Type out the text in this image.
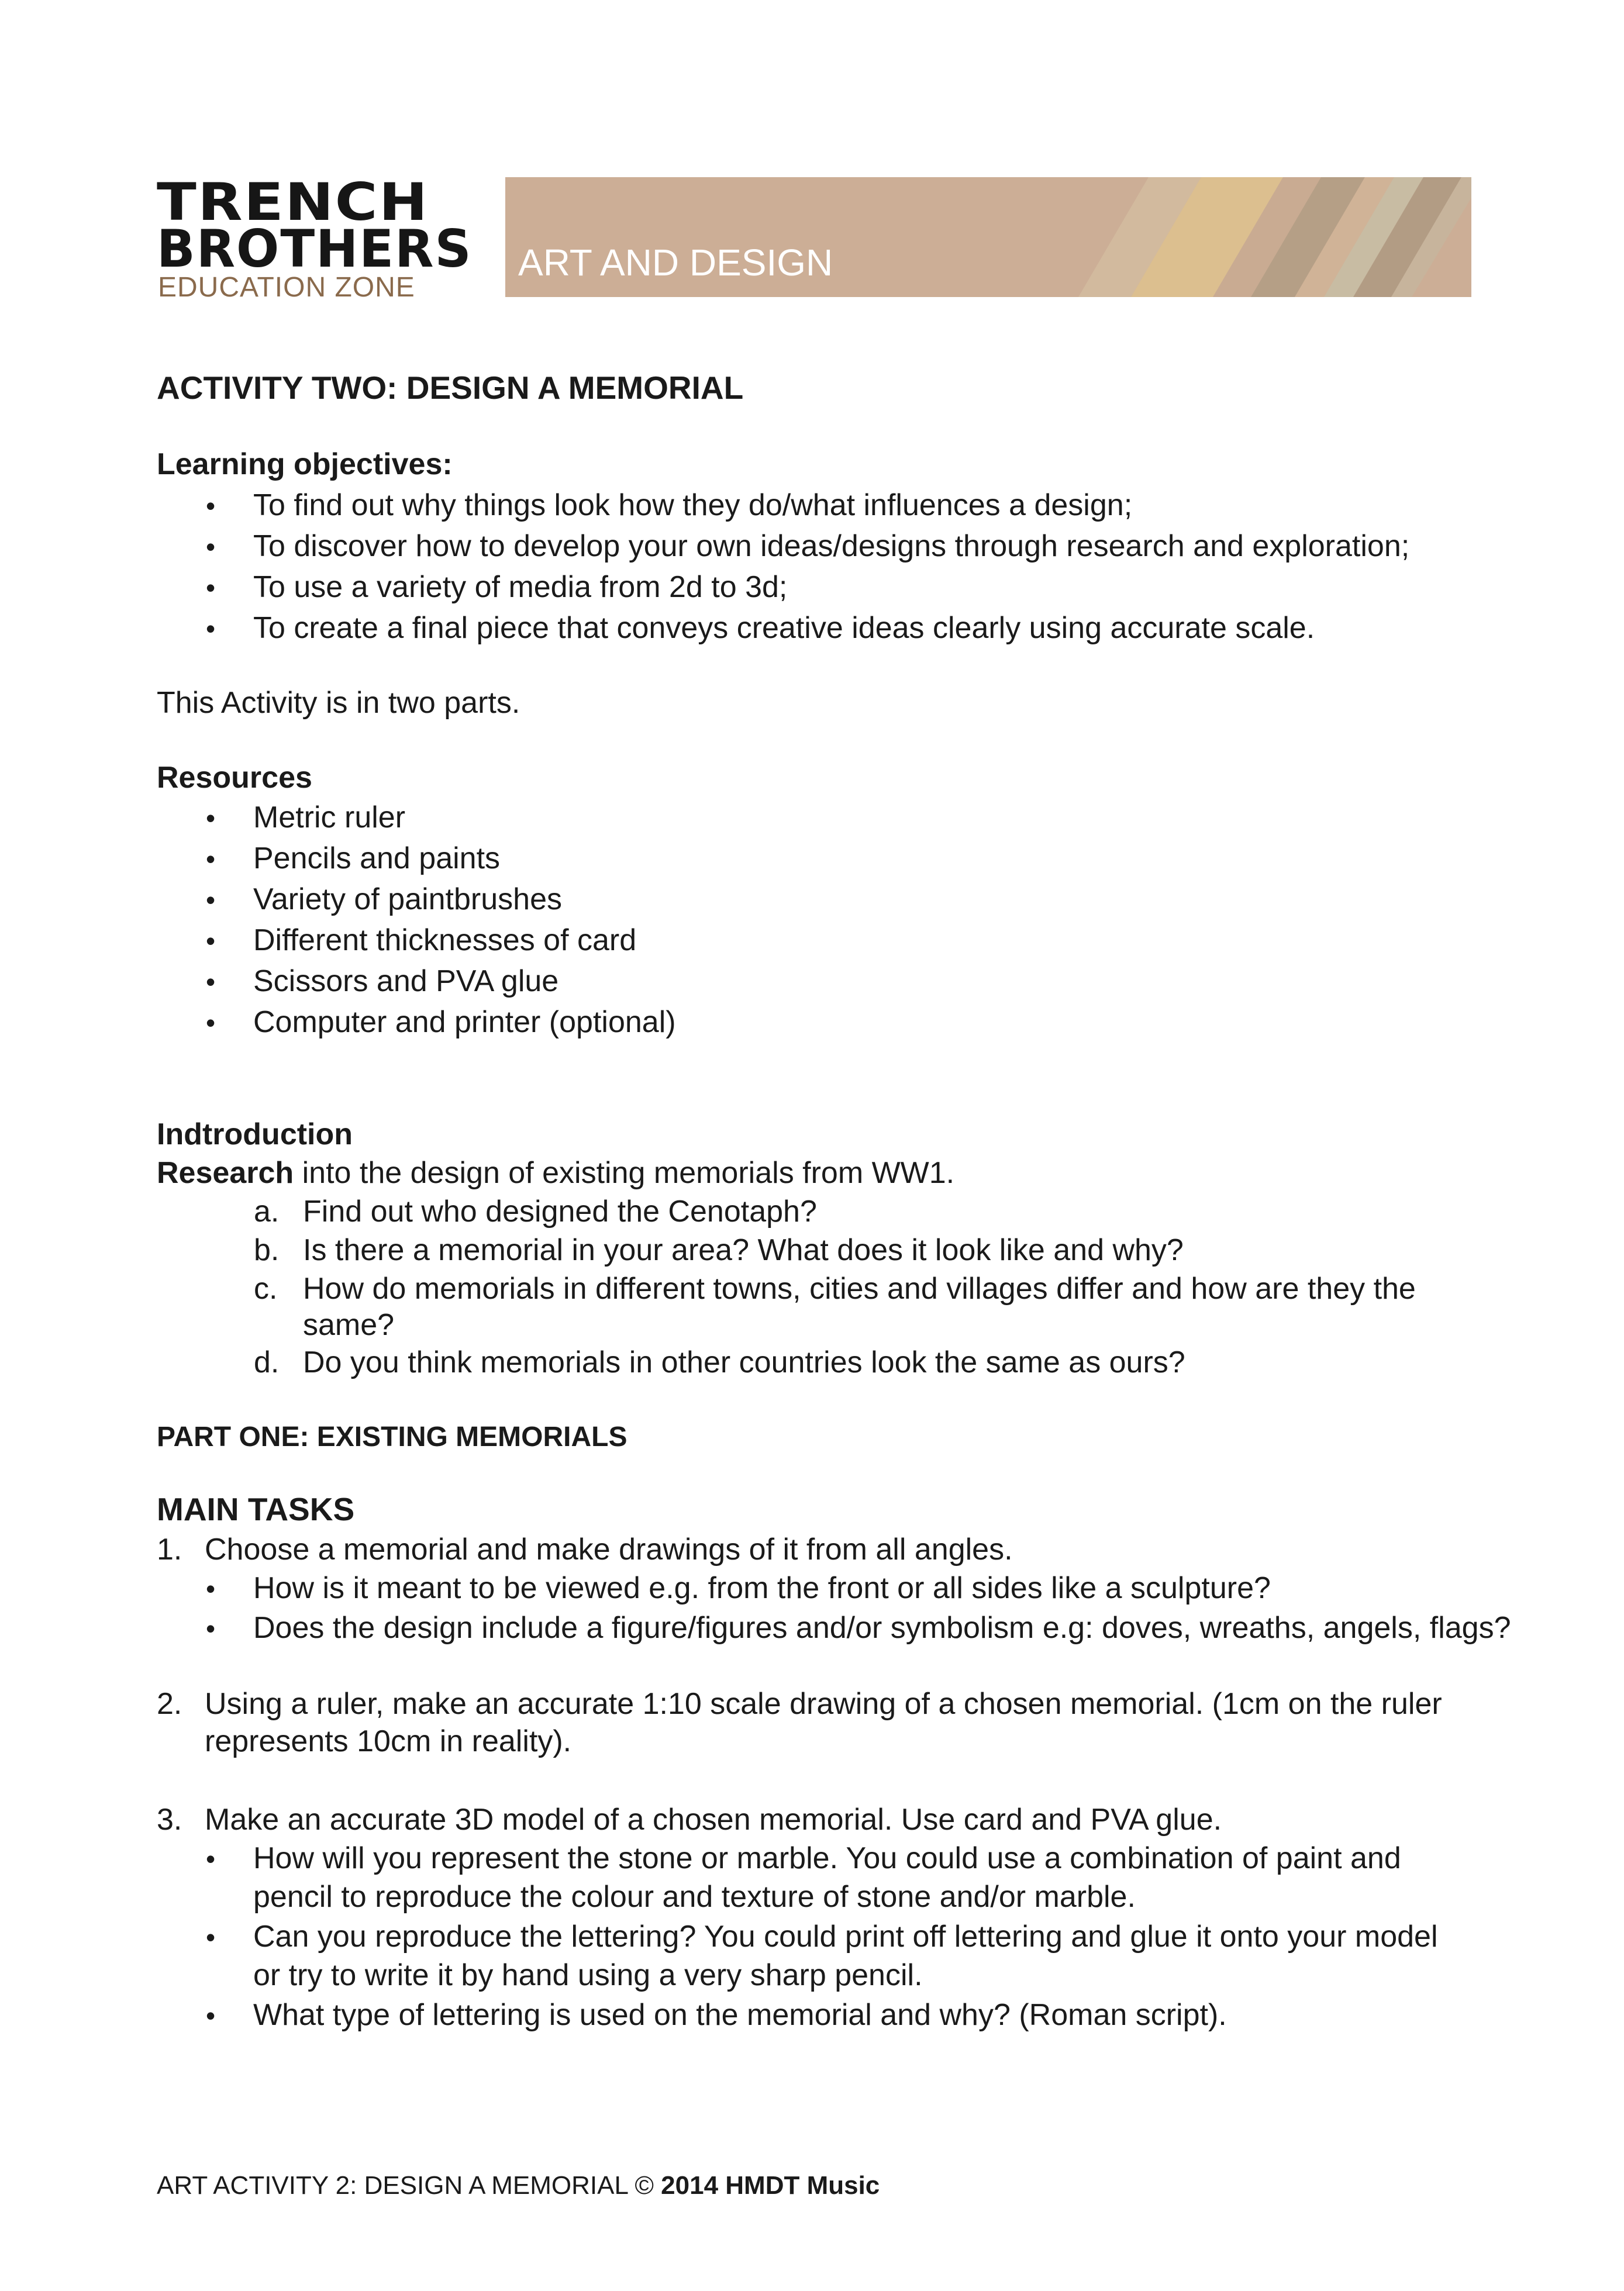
TRENCH
BROTHERS
EDUCATION ZONE
ART AND DESIGN
ACTIVITY TWO: DESIGN A MEMORIAL
Learning objectives:
• To find out why things look how they do/what influences a design;
• To discover how to develop your own ideas/designs through research and exploration;
• To use a variety of media from 2d to 3d;
• To create a final piece that conveys creative ideas clearly using accurate scale.
This Activity is in two parts.
Resources
• Metric ruler
• Pencils and paints
• Variety of paintbrushes
• Different thicknesses of card
• Scissors and PVA glue
• Computer and printer (optional)
Indtroduction
Research into the design of existing memorials from WW1.
a. Find out who designed the Cenotaph?
b. Is there a memorial in your area? What does it look like and why?
c. How do memorials in different towns, cities and villages differ and how are they the
same?
d. Do you think memorials in other countries look the same as ours?
PART ONE: EXISTING MEMORIALS
MAIN TASKS
1. Choose a memorial and make drawings of it from all angles.
• How is it meant to be viewed e.g. from the front or all sides like a sculpture?
• Does the design include a figure/figures and/or symbolism e.g: doves, wreaths, angels, flags?
2. Using a ruler, make an accurate 1:10 scale drawing of a chosen memorial. (1cm on the ruler
represents 10cm in reality).
3. Make an accurate 3D model of a chosen memorial. Use card and PVA glue.
• How will you represent the stone or marble. You could use a combination of paint and
pencil to reproduce the colour and texture of stone and/or marble.
• Can you reproduce the lettering? You could print off lettering and glue it onto your model
or try to write it by hand using a very sharp pencil.
• What type of lettering is used on the memorial and why? (Roman script).
ART ACTIVITY 2: DESIGN A MEMORIAL © 2014 HMDT Music
